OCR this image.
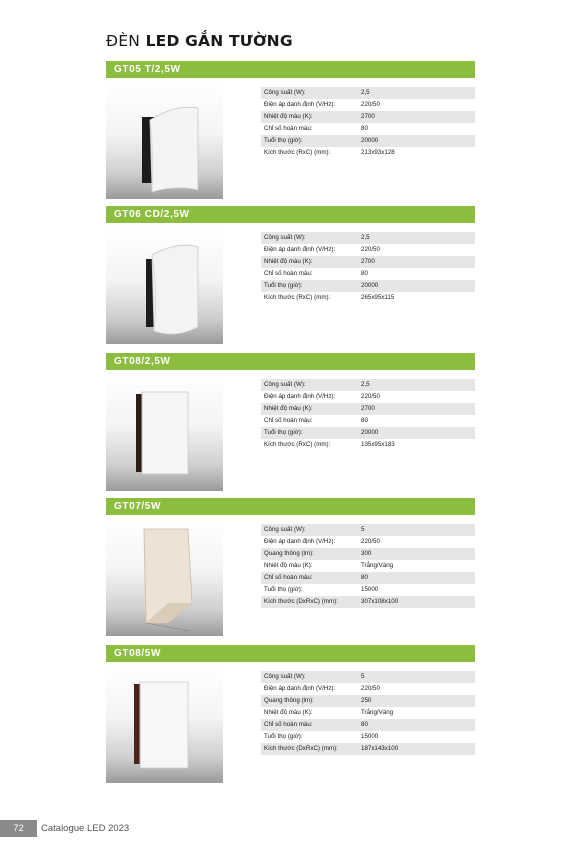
ĐÈN LED GẮN TƯỜNG
GT05 T/2,5W
Công suất (W):	2,5
Điện áp danh định (V/Hz):	220/50
Nhiệt độ màu (K):	2700
Chỉ số hoàn màu:	80
Tuổi thọ (giờ):	20000
Kích thước (RxC) (mm):	213x93x128
GT06 CD/2,5W
Công suất (W):	2,5
Điện áp danh định (V/Hz):	220/50
Nhiệt độ màu (K):	2700
Chỉ số hoàn màu:	80
Tuổi thọ (giờ):	20000
Kích thước (RxC) (mm):	265x95x115
GT08/2,5W
Công suất (W):	2,5
Điện áp danh định (V/Hz):	220/50
Nhiệt độ màu (K):	2700
Chỉ số hoàn màu:	80
Tuổi thọ (giờ):	20000
Kích thước (RxC) (mm):	135x95x183
GT07/5W
Công suất (W):	5
Điện áp danh định (V/Hz):	220/50
Quang thông (lm):	300
Nhiệt độ màu (K):	Trắng/Vàng
Chỉ số hoàn màu:	80
Tuổi thọ (giờ):	15000
Kích thước (DxRxC) (mm):	307x108x100
GT08/5W
Công suất (W):	5
Điện áp danh định (V/Hz):	220/50
Quang thông (lm):	250
Nhiệt độ màu (K):	Trắng/Vàng
Chỉ số hoàn màu:	80
Tuổi thọ (giờ):	15000
Kích thước (DxRxC) (mm):	187x143x100
72	Catalogue LED 2023
